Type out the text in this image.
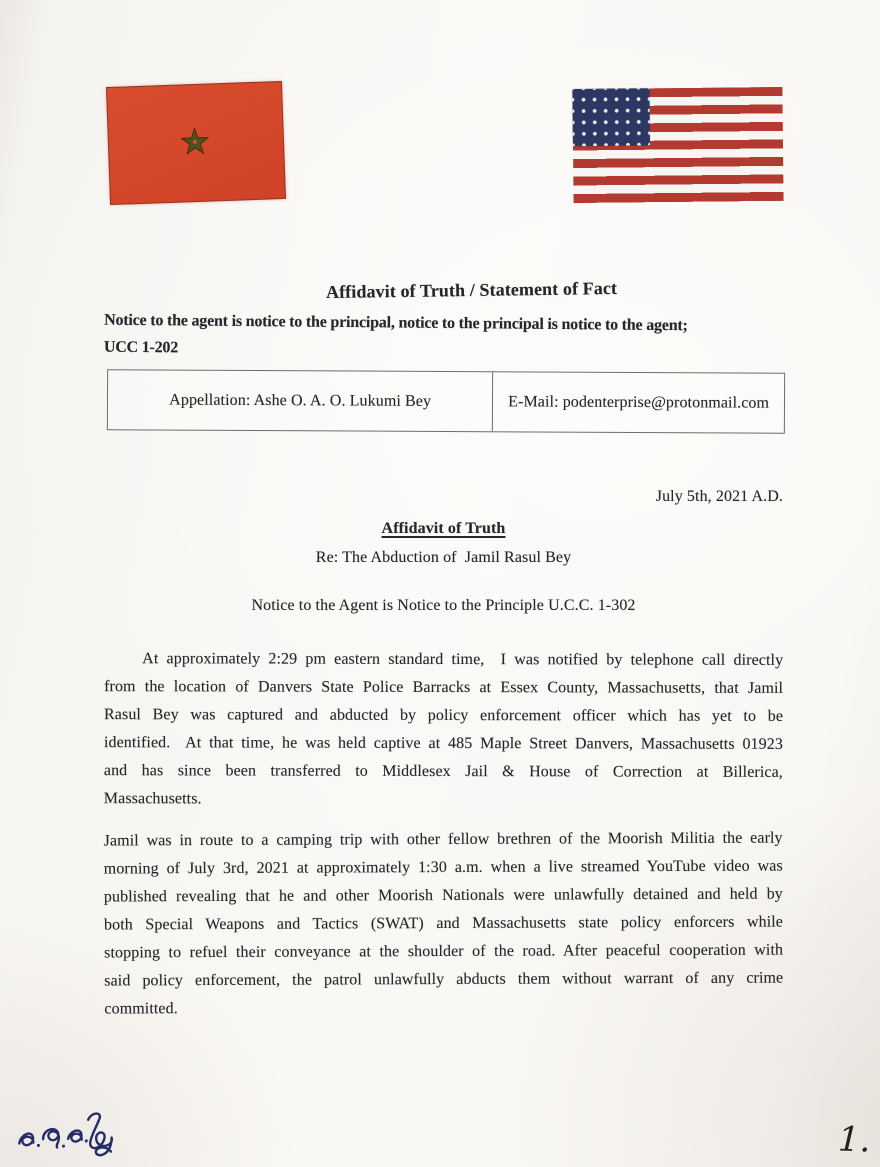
Affidavit of Truth / Statement of Fact
Notice to the agent is notice to the principal, notice to the principal is notice to the agent;
UCC 1-202
Appellation: Ashe O. A. O. Lukumi Bey	E-Mail: podenterprise@protonmail.com
July 5th, 2021 A.D.
Affidavit of Truth
Re: The Abduction of  Jamil Rasul Bey
Notice to the Agent is Notice to the Principle U.C.C. 1-302
At approximately 2:29 pm eastern standard time,  I was notified by telephone call directly
from the location of Danvers State Police Barracks at Essex County, Massachusetts, that Jamil
Rasul Bey was captured and abducted by policy enforcement officer which has yet to be
identified.  At that time, he was held captive at 485 Maple Street Danvers, Massachusetts 01923
and has since been transferred to Middlesex Jail & House of Correction at Billerica,
Massachusetts.
Jamil was in route to a camping trip with other fellow brethren of the Moorish Militia the early
morning of July 3rd, 2021 at approximately 1:30 a.m. when a live streamed YouTube video was
published revealing that he and other Moorish Nationals were unlawfully detained and held by
both Special Weapons and Tactics (SWAT) and Massachusetts state policy enforcers while
stopping to refuel their conveyance at the shoulder of the road. After peaceful cooperation with
said policy enforcement, the patrol unlawfully abducts them without warrant of any crime
committed.
1.
